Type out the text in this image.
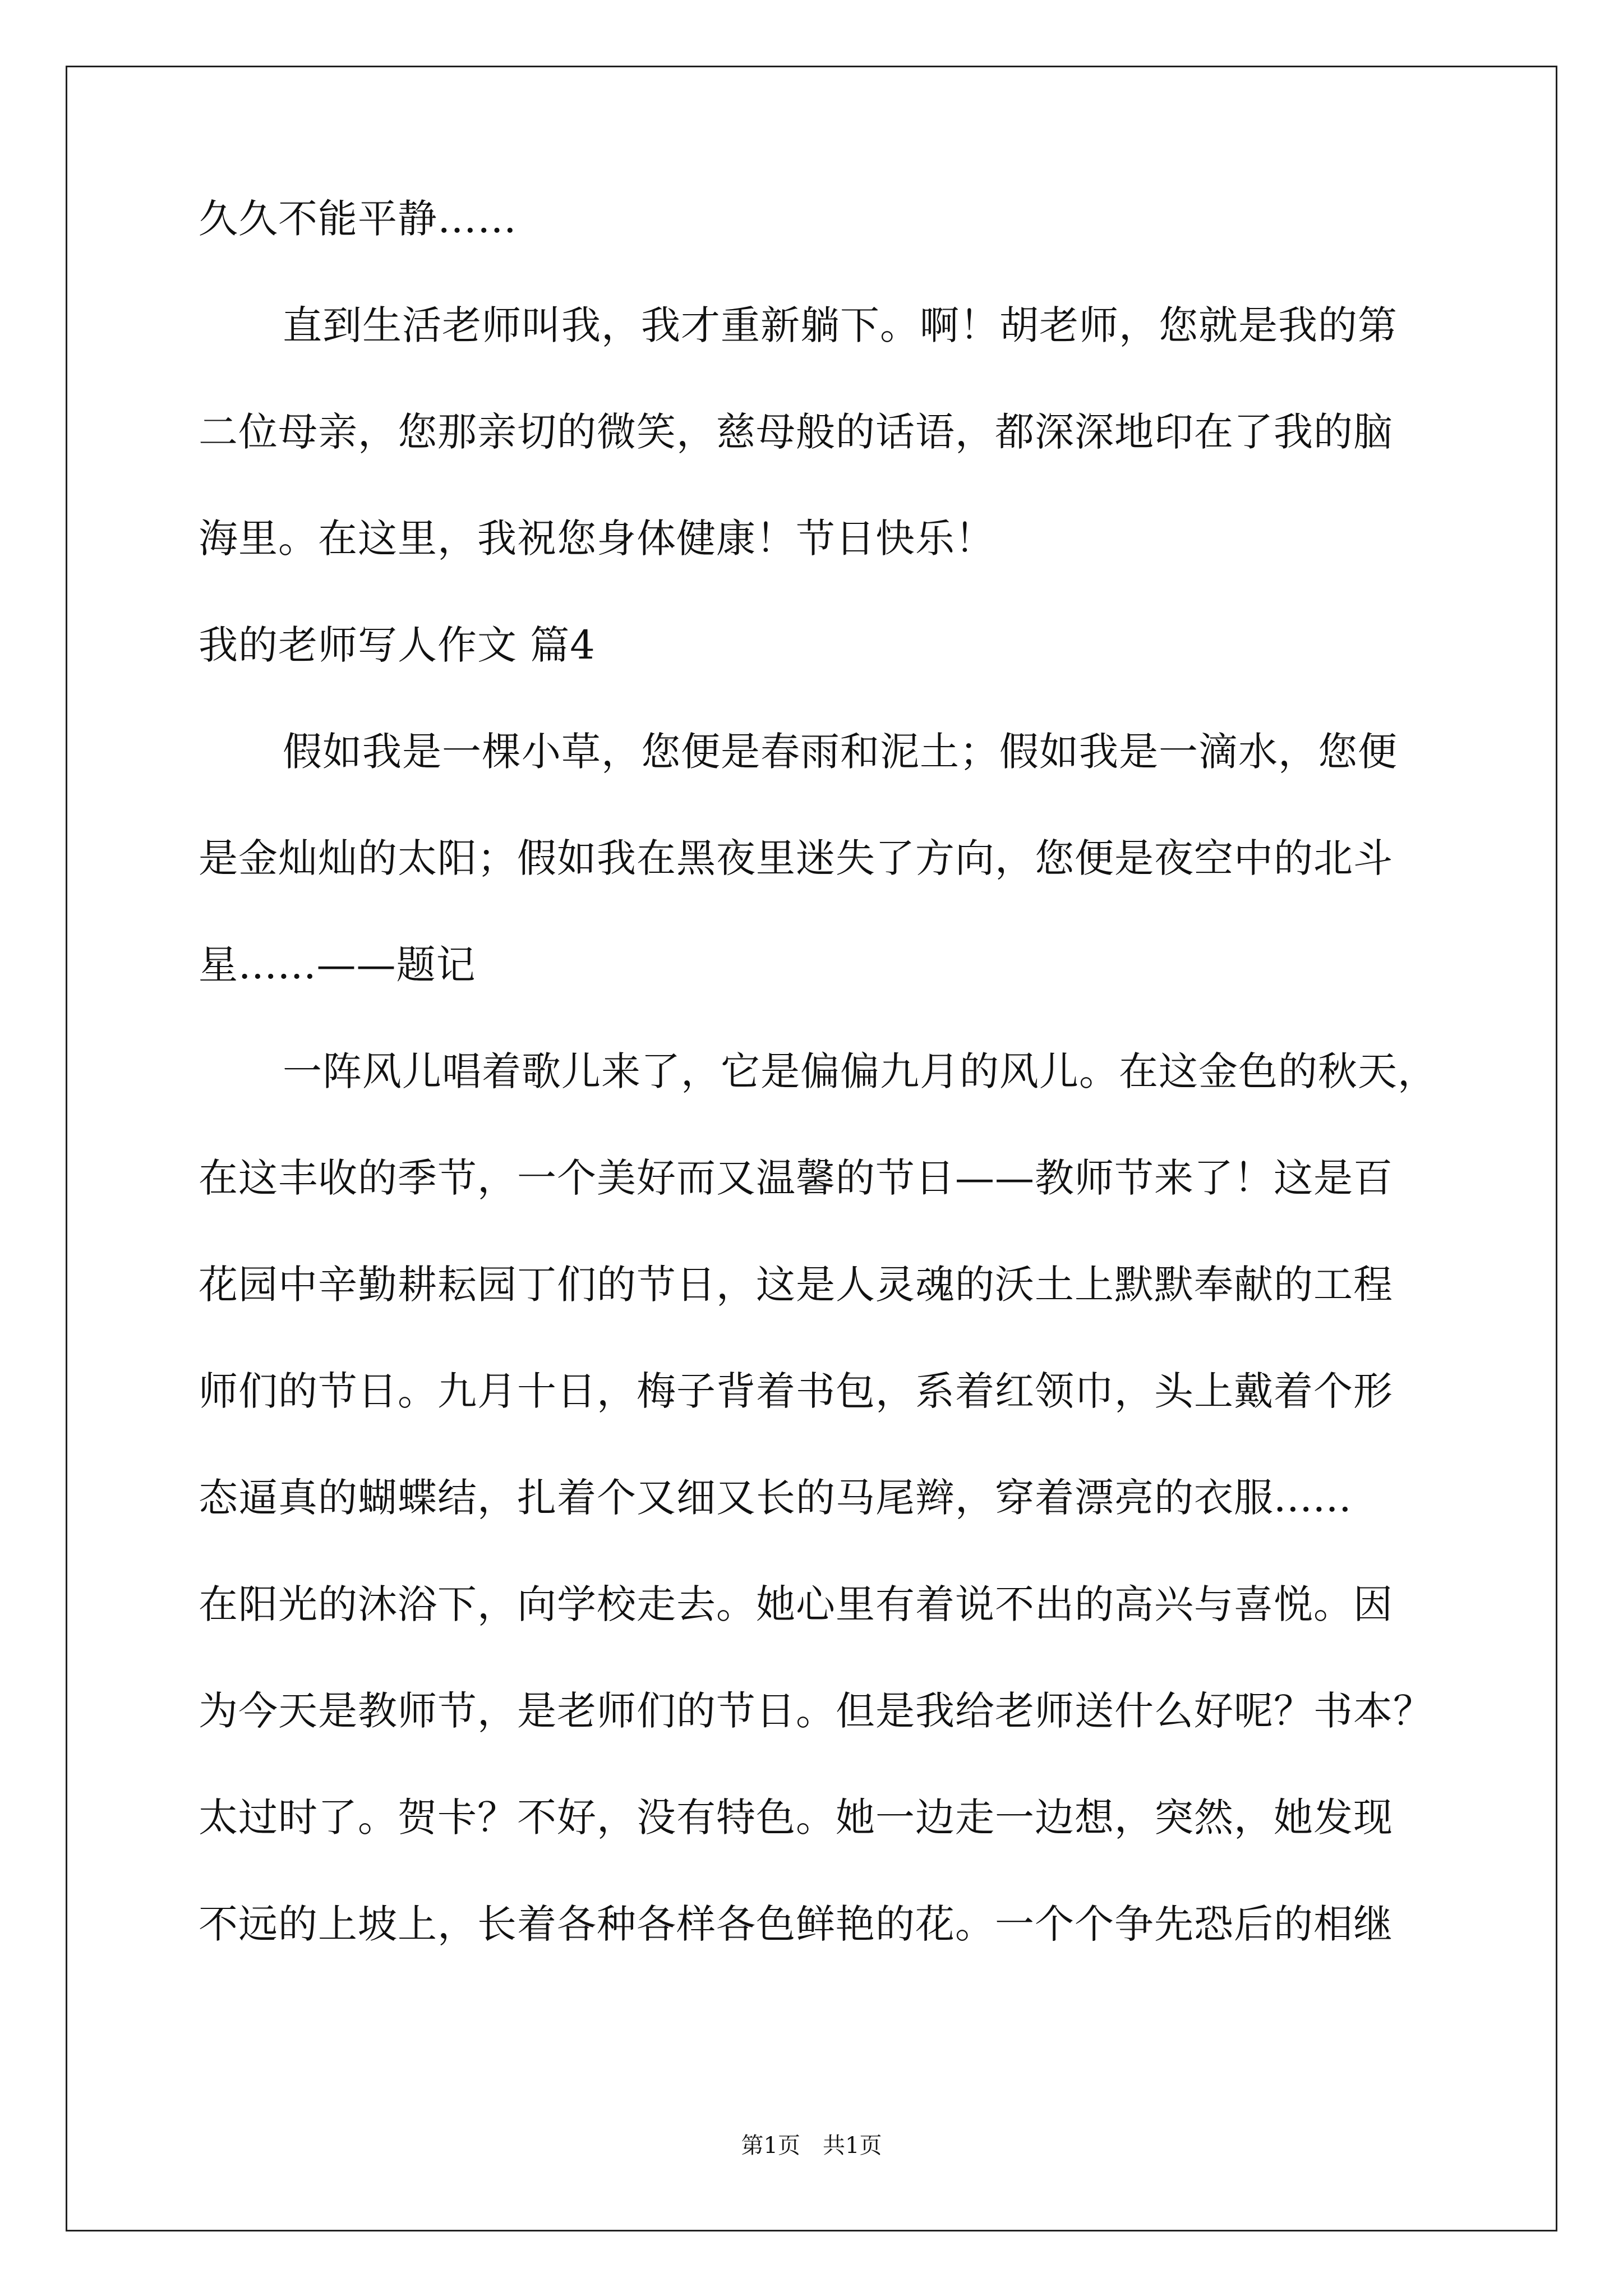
久久不能平静……
直到生活老师叫我，我才重新躺下。啊！胡老师，您就是我的第
二位母亲，您那亲切的微笑，慈母般的话语，都深深地印在了我的脑
海里。在这里，我祝您身体健康！节日快乐！
我的老师写人作文 篇4
假如我是一棵小草，您便是春雨和泥土；假如我是一滴水，您便
是金灿灿的太阳；假如我在黑夜里迷失了方向，您便是夜空中的北斗
星......——题记
一阵风儿唱着歌儿来了，它是偏偏九月的风儿。在这金色的秋天，
在这丰收的季节，一个美好而又温馨的节日——教师节来了！这是百
花园中辛勤耕耘园丁们的节日，这是人灵魂的沃土上默默奉献的工程
师们的节日。九月十日，梅子背着书包，系着红领巾，头上戴着个形
态逼真的蝴蝶结，扎着个又细又长的马尾辫，穿着漂亮的衣服......
在阳光的沐浴下，向学校走去。她心里有着说不出的高兴与喜悦。因
为今天是教师节，是老师们的节日。但是我给老师送什么好呢？书本？
太过时了。贺卡？不好，没有特色。她一边走一边想，突然，她发现
不远的上坡上，长着各种各样各色鲜艳的花。一个个争先恐后的相继
第1页 共1页
